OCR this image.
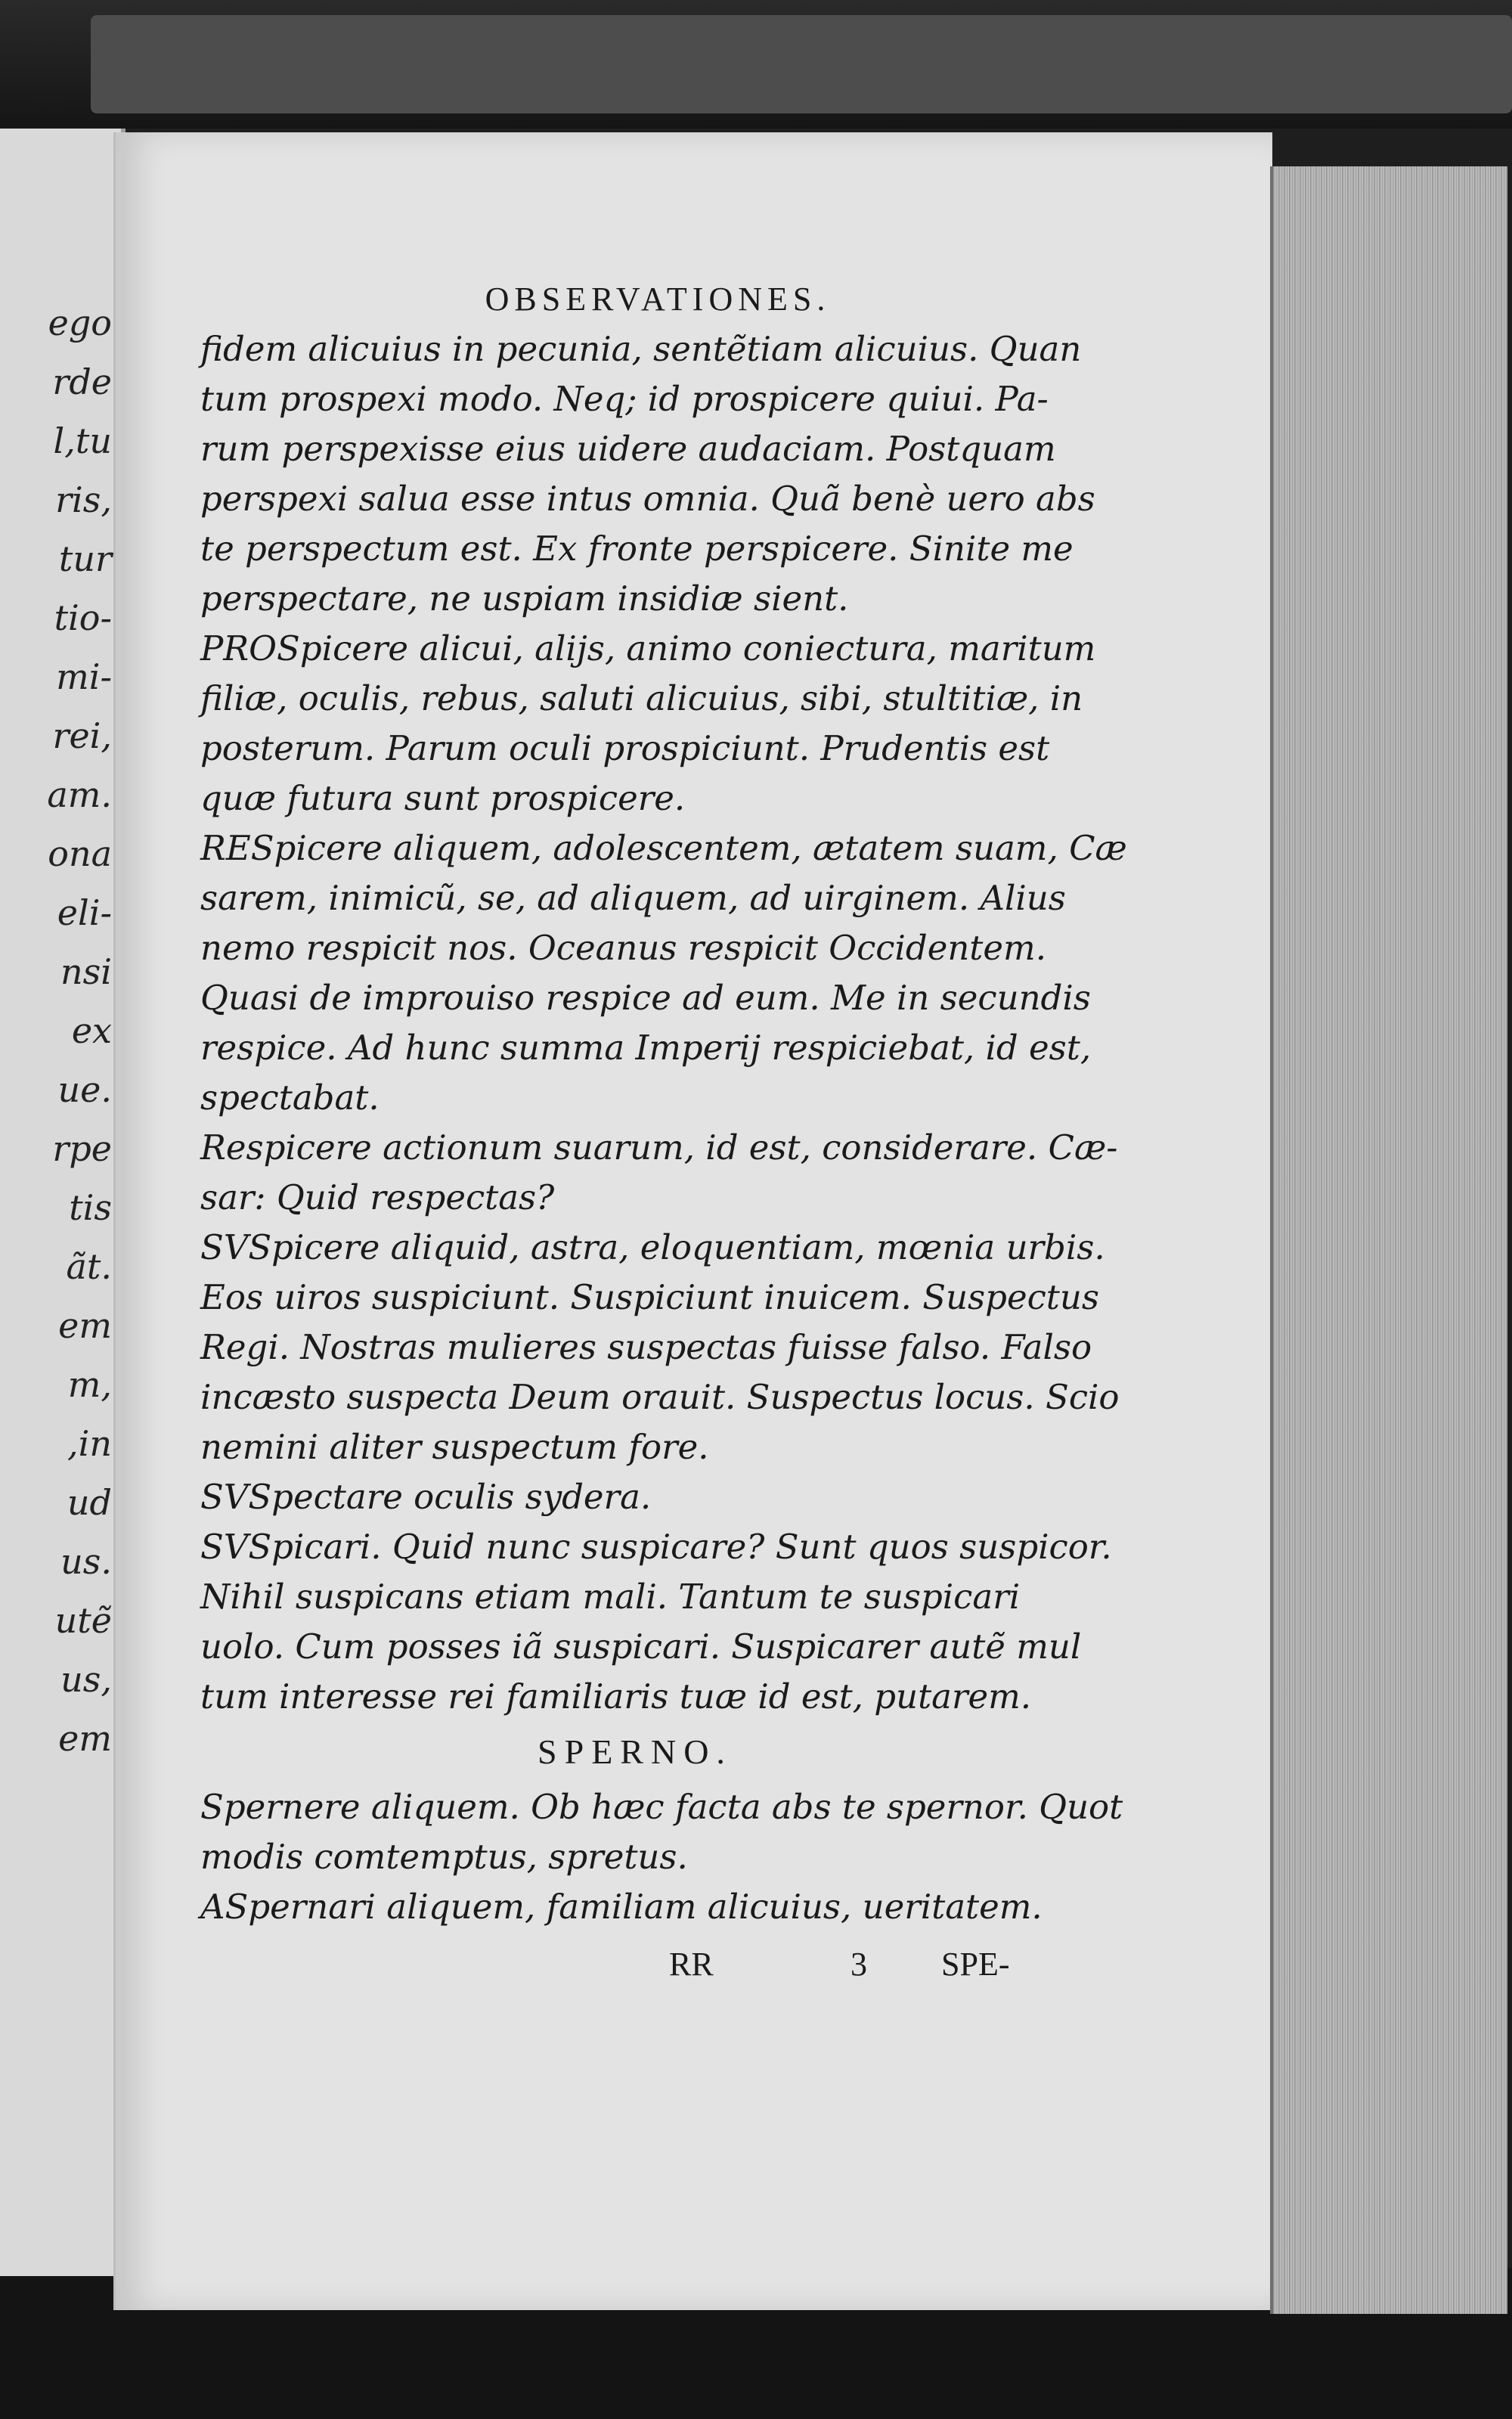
ego
rde
l,tu
ris,
tur
tio-
mi-
rei,
am.
ona
eli-
nsi
ex
ue.
rpe
tis
ãt.
em
m,
,in
ud
us.
utẽ
us,
em
OBSERVATIONES.
fidem alicuius in pecunia, sentẽtiam alicuius. Quan
tum prospexi modo. Neq; id prospicere quiui. Pa-
rum perspexisse eius uidere audaciam. Postquam
perspexi salua esse intus omnia. Quã benè uero abs
te perspectum est. Ex fronte perspicere. Sinite me
perspectare, ne uspiam insidiæ sient.
PROSpicere alicui, alijs, animo coniectura, maritum
filiæ, oculis, rebus, saluti alicuius, sibi, stultitiæ, in
posterum. Parum oculi prospiciunt. Prudentis est
quæ futura sunt prospicere.
RESpicere aliquem, adolescentem, ætatem suam, Cæ
sarem, inimicũ, se, ad aliquem, ad uirginem. Alius
nemo respicit nos. Oceanus respicit Occidentem.
Quasi de improuiso respice ad eum. Me in secundis
respice. Ad hunc summa Imperij respiciebat, id est,
spectabat.
Respicere actionum suarum, id est, considerare. Cæ-
sar: Quid respectas?
SVSpicere aliquid, astra, eloquentiam, mœnia urbis.
Eos uiros suspiciunt. Suspiciunt inuicem. Suspectus
Regi. Nostras mulieres suspectas fuisse falso. Falso
incæsto suspecta Deum orauit. Suspectus locus. Scio
nemini aliter suspectum fore.
SVSpectare oculis sydera.
SVSpicari. Quid nunc suspicare? Sunt quos suspicor.
Nihil suspicans etiam mali. Tantum te suspicari
uolo. Cum posses iã suspicari. Suspicarer autẽ mul
tum interesse rei familiaris tuæ id est, putarem.
SPERNO.
Spernere aliquem. Ob hæc facta abs te spernor. Quot
modis comtemptus, spretus.
ASpernari aliquem, familiam alicuius, ueritatem.
RR	3 SPE-
